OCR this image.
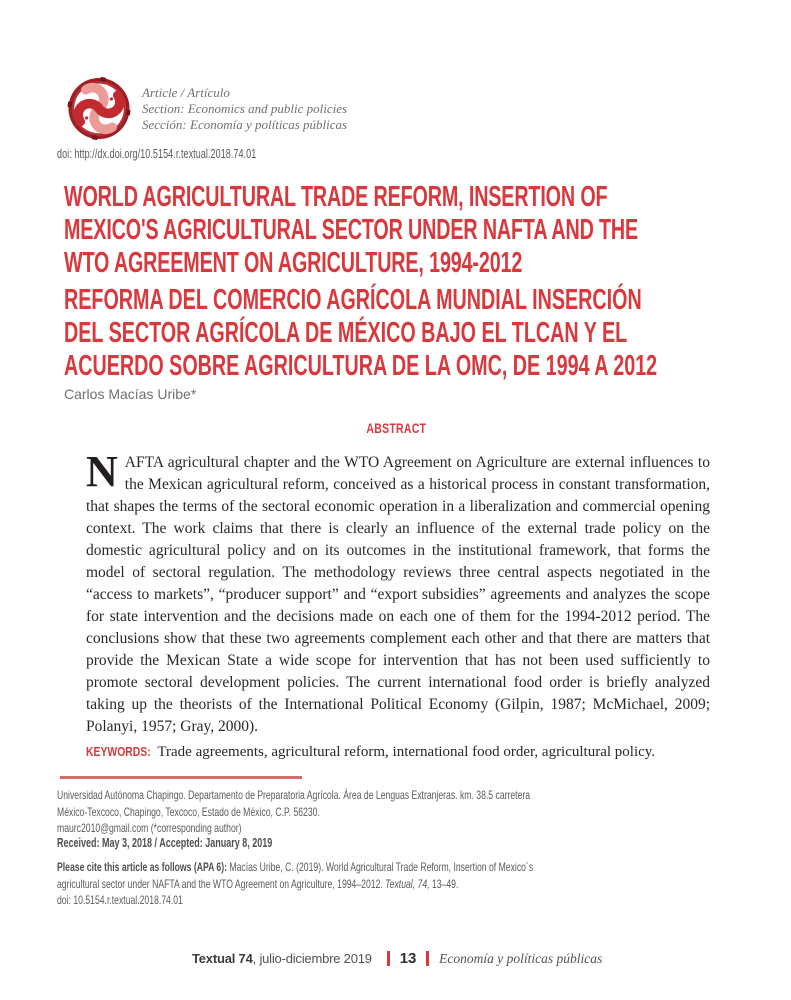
Article / Artículo
Section: Economics and public policies
Sección: Economía y políticas públicas
doi: http://dx.doi.org/10.5154.r.textual.2018.74.01
WORLD AGRICULTURAL TRADE REFORM, INSERTION OF
MEXICO'S AGRICULTURAL SECTOR UNDER NAFTA AND THE
WTO AGREEMENT ON AGRICULTURE, 1994-2012
REFORMA DEL COMERCIO AGRÍCOLA MUNDIAL INSERCIÓN
DEL SECTOR AGRÍCOLA DE MÉXICO BAJO EL TLCAN Y EL
ACUERDO SOBRE AGRICULTURA DE LA OMC, DE 1994 A 2012
Carlos Macías Uribe*
ABSTRACT

NAFTA agricultural chapter and the WTO Agreement on Agriculture are external influences to the Mexican agricultural reform, conceived as a historical process in constant transformation, that shapes the terms of the sectoral economic operation in a liberalization and commercial opening context. The work claims that there is clearly an influence of the external trade policy on the domestic agricultural policy and on its outcomes in the institutional framework, that forms the model of sectoral regulation. The methodology reviews three central aspects negotiated in the “access to markets”, “producer support” and “export subsidies” agreements and analyzes the scope for state intervention and the decisions made on each one of them for the 1994-2012 period. The conclusions show that these two agreements complement each other and that there are matters that provide the Mexican State a wide scope for intervention that has not been used sufficiently to promote sectoral development policies. The current international food order is briefly analyzed taking up the theorists of the International Political Economy (Gilpin, 1987; McMichael, 2009; Polanyi, 1957; Gray, 2000).

KEYWORDS: Trade agreements, agricultural reform, international food order, agricultural policy.

Universidad Autónoma Chapingo. Departamento de Preparatoria Agrícola. Área de Lenguas Extranjeras. km. 38.5 carretera México-Texcoco, Chapingo, Texcoco, Estado de México, C.P. 56230.
maurc2010@gmail.com (*corresponding author)
Received: May 3, 2018 / Accepted: January 8, 2019
Please cite this article as follows (APA 6): Macías Uribe, C. (2019). World Agricultural Trade Reform, Insertion of Mexico´s agricultural sector under NAFTA and the WTO Agreement on Agriculture, 1994–2012. Textual, 74, 13–49.
doi: 10.5154.r.textual.2018.74.01
Textual 74 , julio-diciembre 2019 13 Economía y políticas públicas
